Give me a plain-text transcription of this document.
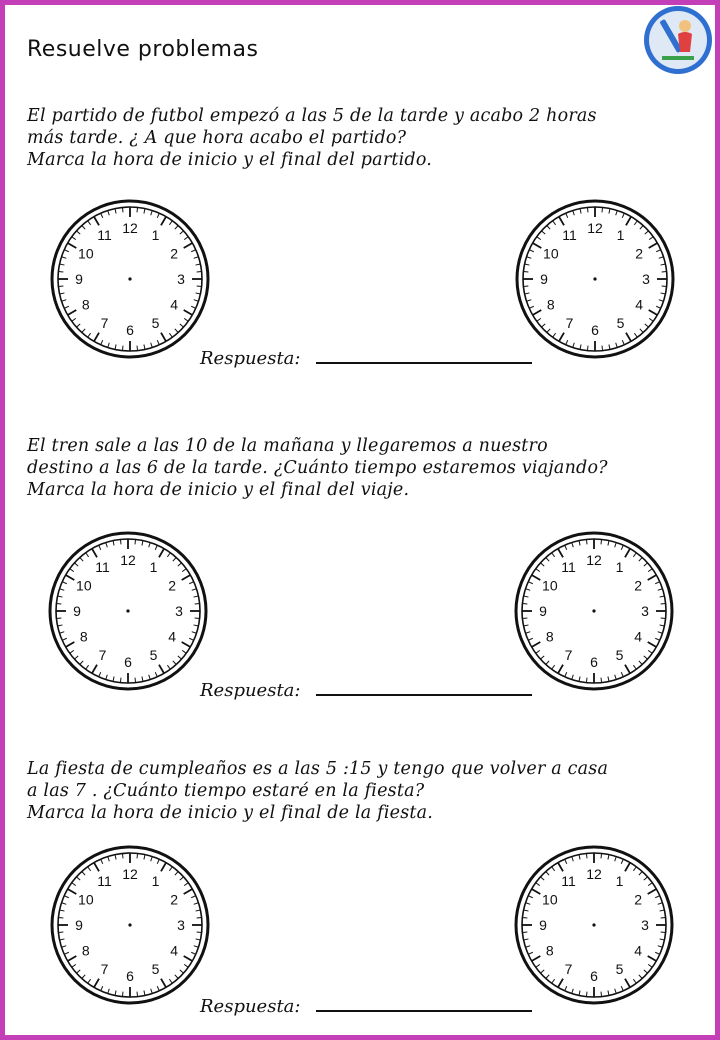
Resuelve problemas

El partido de futbol empezó a las 5 de la tarde y acabo 2 horas

más tarde. ¿ A que hora acabo el partido?

Marca la hora de inicio y el final del partido.

12 1
2
3
4
5
6
7
8
9
10
11	12 1
2
3
4
5
6
7
8
9
10
11
Respuesta:

El tren sale a las 10 de la mañana y llegaremos a nuestro

destino a las 6 de la tarde. ¿Cuánto tiempo estaremos viajando?

Marca la hora de inicio y el final del viaje.

12 1
2
3
4
5
6
7
8
9
10
11	12 1
2
3
4
5
6
7
8
9
10
11
Respuesta:

La fiesta de cumpleaños es a las 5 :15 y tengo que volver a casa

a las 7 . ¿Cuánto tiempo estaré en la fiesta?

Marca la hora de inicio y el final de la fiesta.

12 1
2
3
4
5
6
7
8
9
10
11	12 1
2
3
4
5
6
7
8
9
10
11
Respuesta:
